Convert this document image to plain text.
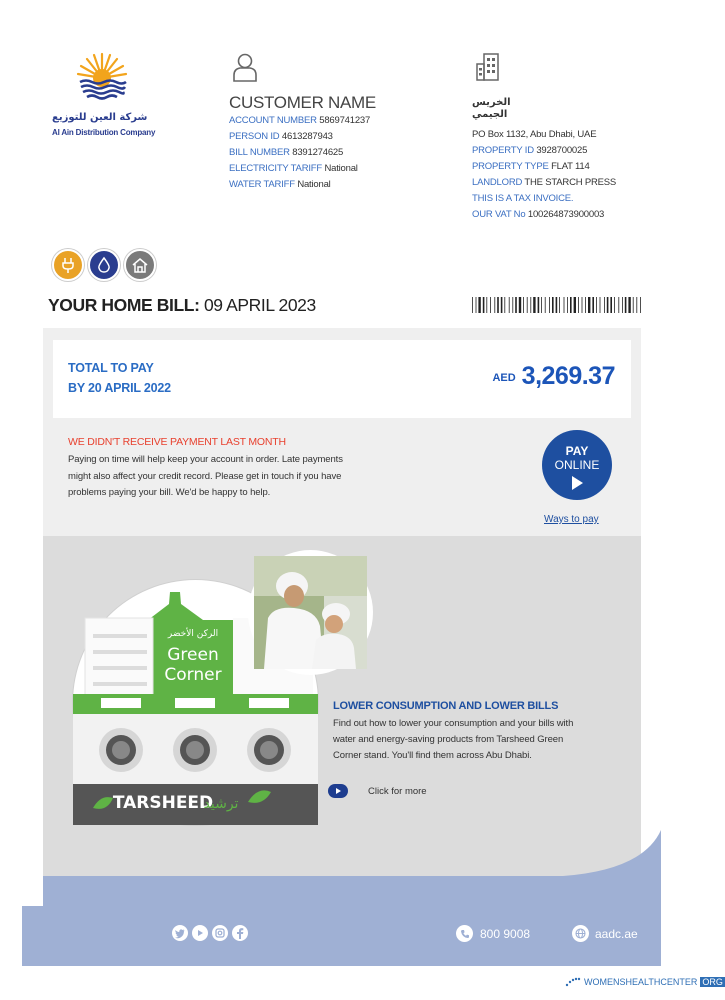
شركة العين للتوزيع
Al Ain Distribution Company
CUSTOMER NAME
ACCOUNT NUMBER 5869741237
PERSON ID 4613287943
BILL NUMBER 8391274625
ELECTRICITY TARIFF National
WATER TARIFF National
الخريس
الجيمي
PO Box 1132, Abu Dhabi, UAE
PROPERTY ID 3928700025
PROPERTY TYPE FLAT 114
LANDLORD THE STARCH PRESS
THIS IS A TAX INVOICE.
OUR VAT No 100264873900003
YOUR HOME BILL: 09 APRIL 2023
TOTAL TO PAY
BY 20 APRIL 2022
AED 3,269.37
WE DIDN'T RECEIVE PAYMENT LAST MONTH
Paying on time will help keep your account in order. Late payments might also affect your credit record. Please get in touch if you have problems paying your bill. We'd be happy to help.
PAY
ONLINE
Ways to pay
الركن الأخضر
Green
Corner
TARSHEED
ترشيد
LOWER CONSUMPTION AND LOWER BILLS
Find out how to lower your consumption and your bills with water and energy-saving products from Tarsheed Green Corner stand. You'll find them across Abu Dhabi.
Click for more
800 9008	aadc.ae
WOMENSHEALTHCENTER ORG
